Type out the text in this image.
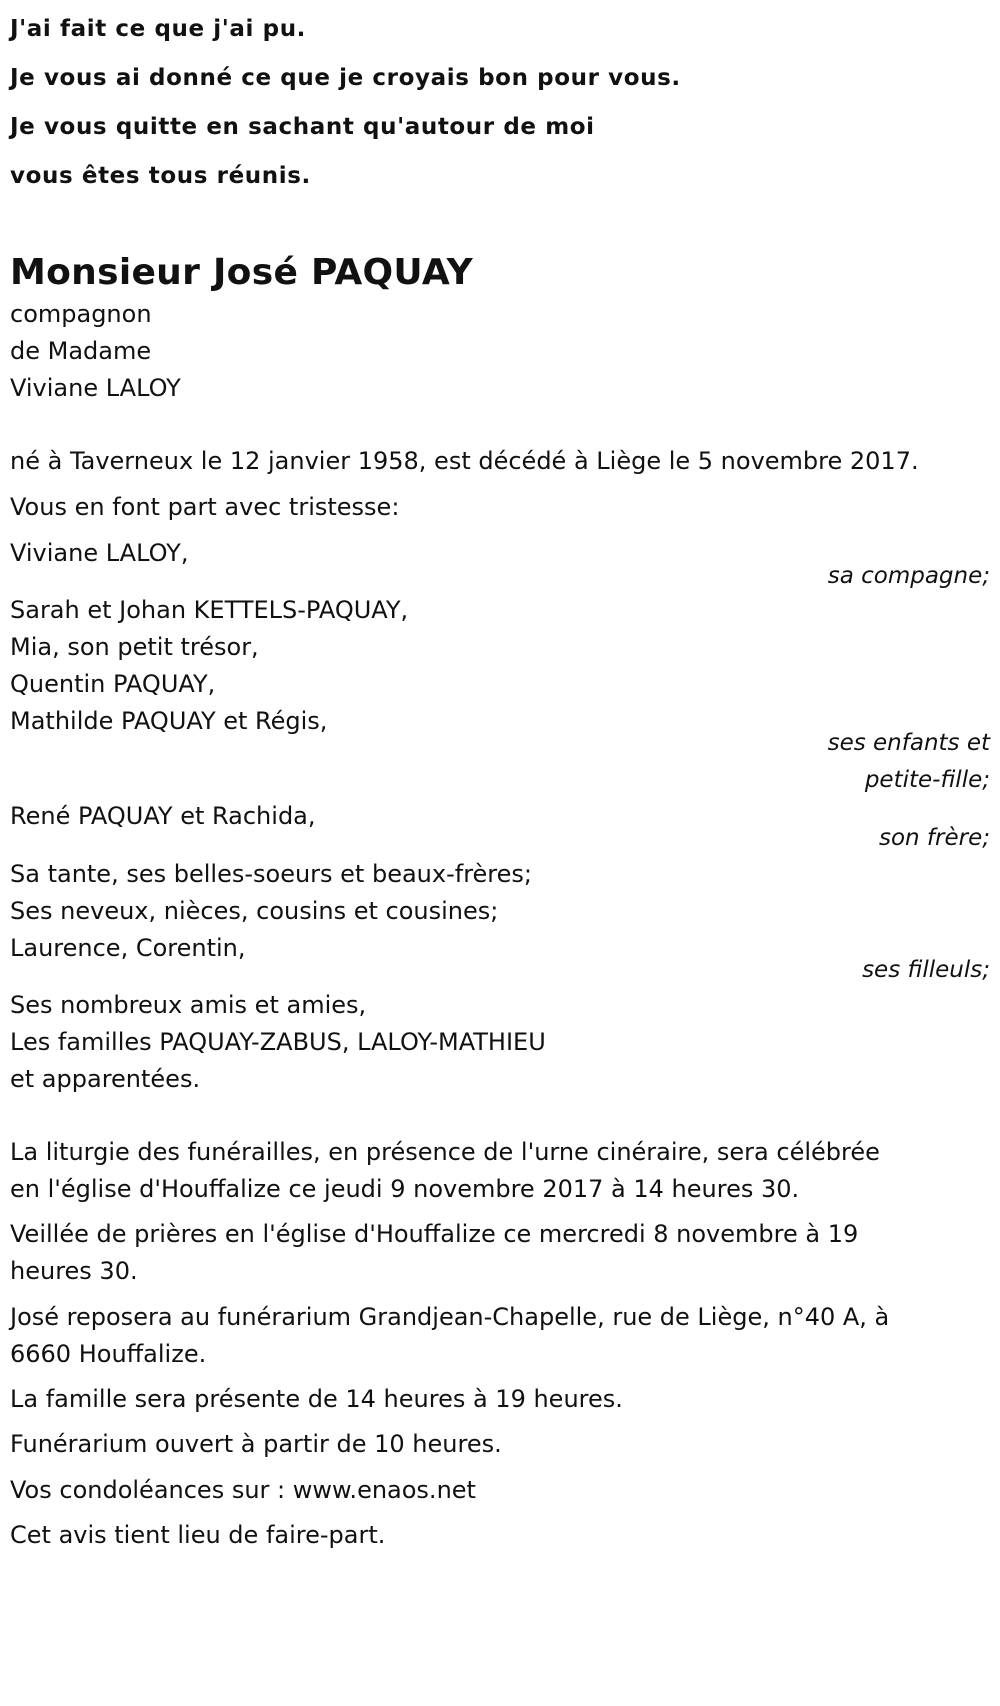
J'ai fait ce que j'ai pu.
Je vous ai donné ce que je croyais bon pour vous.
Je vous quitte en sachant qu'autour de moi
vous êtes tous réunis.
Monsieur José PAQUAY
compagnon
de Madame
Viviane LALOY
né à Taverneux le 12 janvier 1958, est décédé à Liège le 5 novembre 2017.
Vous en font part avec tristesse:
Viviane LALOY,
sa compagne;
Sarah et Johan KETTELS-PAQUAY,
Mia, son petit trésor,
Quentin PAQUAY,
Mathilde PAQUAY et Régis,
ses enfants et
petite-fille;
René PAQUAY et Rachida,
son frère;
Sa tante, ses belles-soeurs et beaux-frères;
Ses neveux, nièces, cousins et cousines;
Laurence, Corentin,
ses filleuls;
Ses nombreux amis et amies,
Les familles PAQUAY-ZABUS, LALOY-MATHIEU
et apparentées.
La liturgie des funérailles, en présence de l'urne cinéraire, sera célébrée
en l'église d'Houffalize ce jeudi 9 novembre 2017 à 14 heures 30.
Veillée de prières en l'église d'Houffalize ce mercredi 8 novembre à 19
heures 30.
José reposera au funérarium Grandjean-Chapelle, rue de Liège, n°40 A, à
6660 Houffalize.
La famille sera présente de 14 heures à 19 heures.
Funérarium ouvert à partir de 10 heures.
Vos condoléances sur : www.enaos.net
Cet avis tient lieu de faire-part.
